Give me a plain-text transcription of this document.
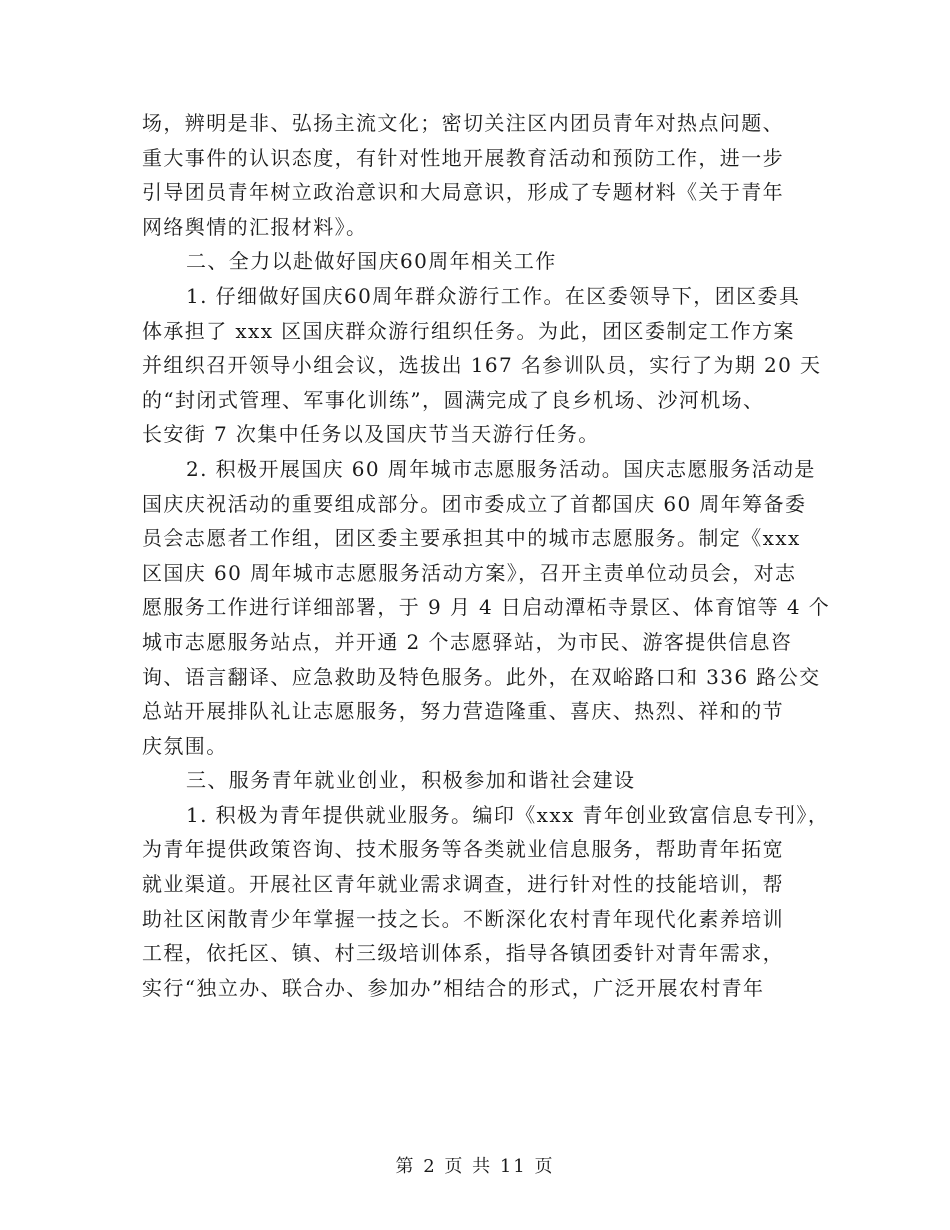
场，辨明是非、弘扬主流文化；密切关注区内团员青年对热点问题、
重大事件的认识态度，有针对性地开展教育活动和预防工作，进一步
引导团员青年树立政治意识和大局意识，形成了专题材料《关于青年
网络舆情的汇报材料》。
二、全力以赴做好国庆60周年相关工作
1. 仔细做好国庆60周年群众游行工作。在区委领导下，团区委具
体承担了 xxx 区国庆群众游行组织任务。为此，团区委制定工作方案
并组织召开领导小组会议，选拔出 167 名参训队员，实行了为期 20 天
的“封闭式管理、军事化训练”，圆满完成了良乡机场、沙河机场、
长安街 7 次集中任务以及国庆节当天游行任务。
2. 积极开展国庆 60 周年城市志愿服务活动。国庆志愿服务活动是
国庆庆祝活动的重要组成部分。团市委成立了首都国庆 60 周年筹备委
员会志愿者工作组，团区委主要承担其中的城市志愿服务。制定《xxx
区国庆 60 周年城市志愿服务活动方案》，召开主责单位动员会，对志
愿服务工作进行详细部署，于 9 月 4 日启动潭柘寺景区、体育馆等 4 个
城市志愿服务站点，并开通 2 个志愿驿站，为市民、游客提供信息咨
询、语言翻译、应急救助及特色服务。此外，在双峪路口和 336 路公交
总站开展排队礼让志愿服务，努力营造隆重、喜庆、热烈、祥和的节
庆氛围。
三、服务青年就业创业，积极参加和谐社会建设
1. 积极为青年提供就业服务。编印《xxx 青年创业致富信息专刊》，
为青年提供政策咨询、技术服务等各类就业信息服务，帮助青年拓宽
就业渠道。开展社区青年就业需求调查，进行针对性的技能培训，帮
助社区闲散青少年掌握一技之长。不断深化农村青年现代化素养培训
工程，依托区、镇、村三级培训体系，指导各镇团委针对青年需求，
实行“独立办、联合办、参加办”相结合的形式，广泛开展农村青年
第 2 页 共 11 页
